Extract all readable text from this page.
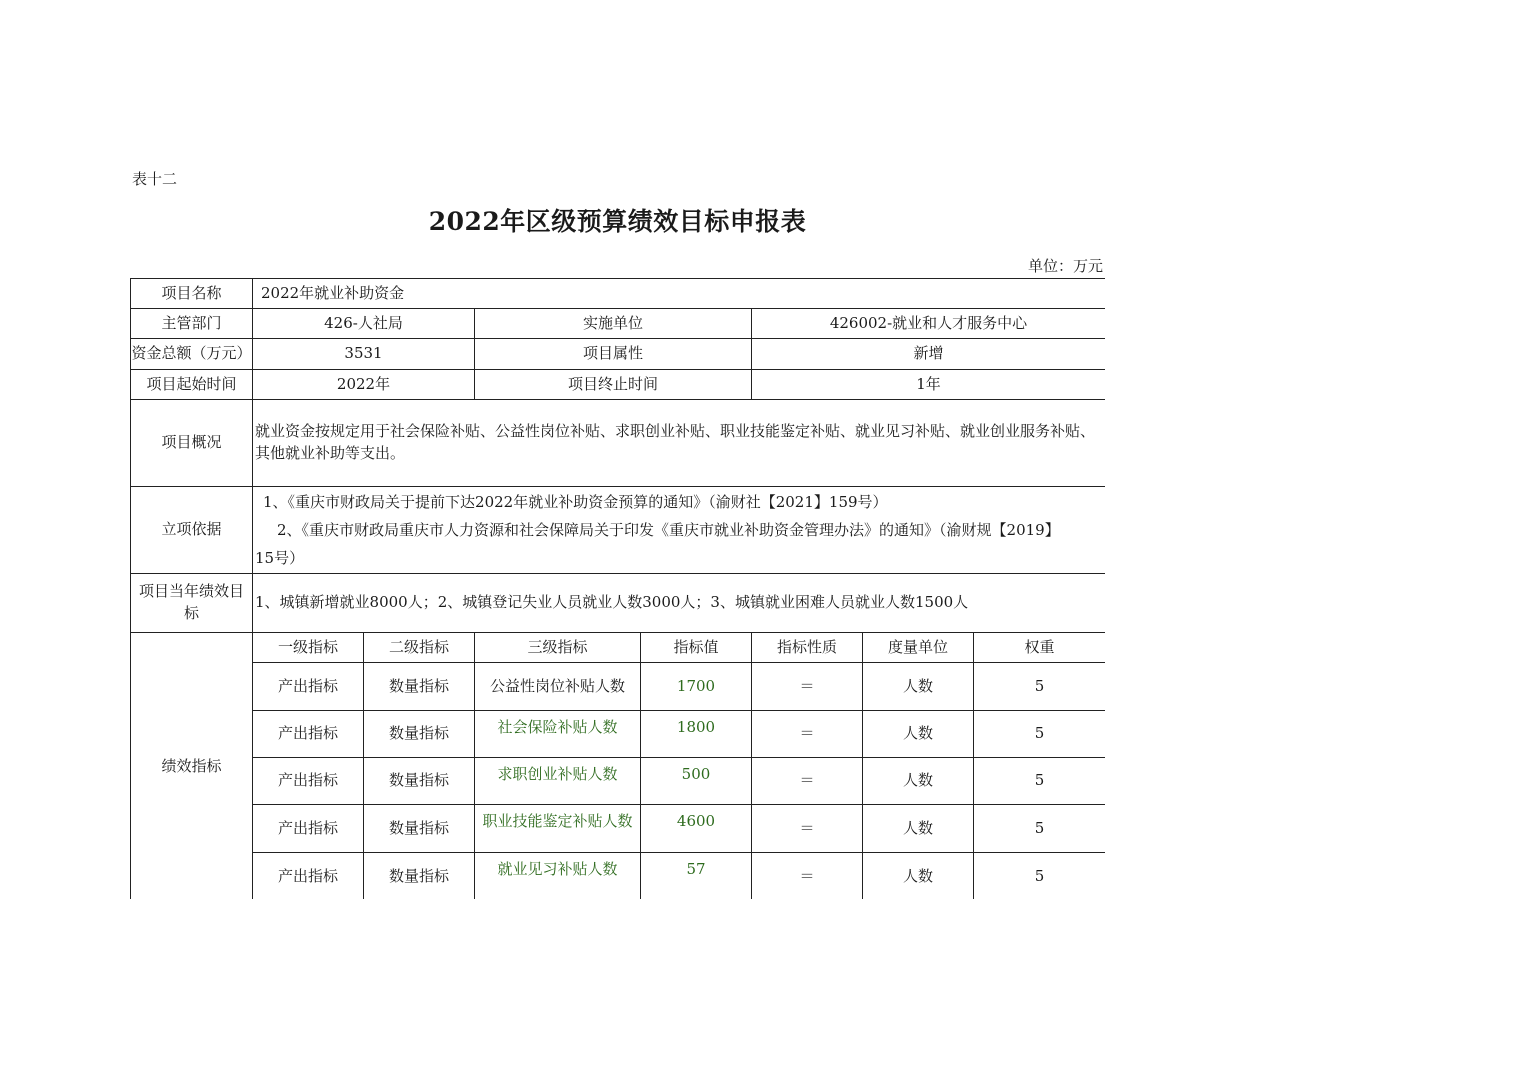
表十二
2022年区级预算绩效目标申报表
单位：万元
项目名称	2022年就业补助资金						
主管部门	426-人社局		实施单位		426002-就业和人才服务中心		
资金总额（万元）	3531		项目属性		新增		
项目起始时间	2022年		项目终止时间		1年		
项目概况	就业资金按规定用于社会保险补贴、公益性岗位补贴、求职创业补贴、职业技能鉴定补贴、就业见习补贴、就业创业服务补贴、其他就业补助等支出。						
立项依据	1、《重庆市财政局关于提前下达2022年就业补助资金预算的通知》（渝财社【2021】159号）
2、《重庆市财政局重庆市人力资源和社会保障局关于印发《重庆市就业补助资金管理办法》的通知》（渝财规【2019】
15号）						

项目当年绩效目标	1、城镇新增就业8000人；2、城镇登记失业人员就业人数3000人；3、城镇就业困难人员就业人数1500人						
绩效指标	一级指标	二级指标	三级指标	指标值	指标性质	度量单位	权重
	产出指标	数量指标	公益性岗位补贴人数	1700	＝	人数	5
	产出指标	数量指标	社会保险补贴人数	1800	＝	人数	5
	产出指标	数量指标	求职创业补贴人数	500	＝	人数	5
	产出指标	数量指标	职业技能鉴定补贴人数	4600	＝	人数	5
	产出指标	数量指标	就业见习补贴人数	57	＝	人数	5
